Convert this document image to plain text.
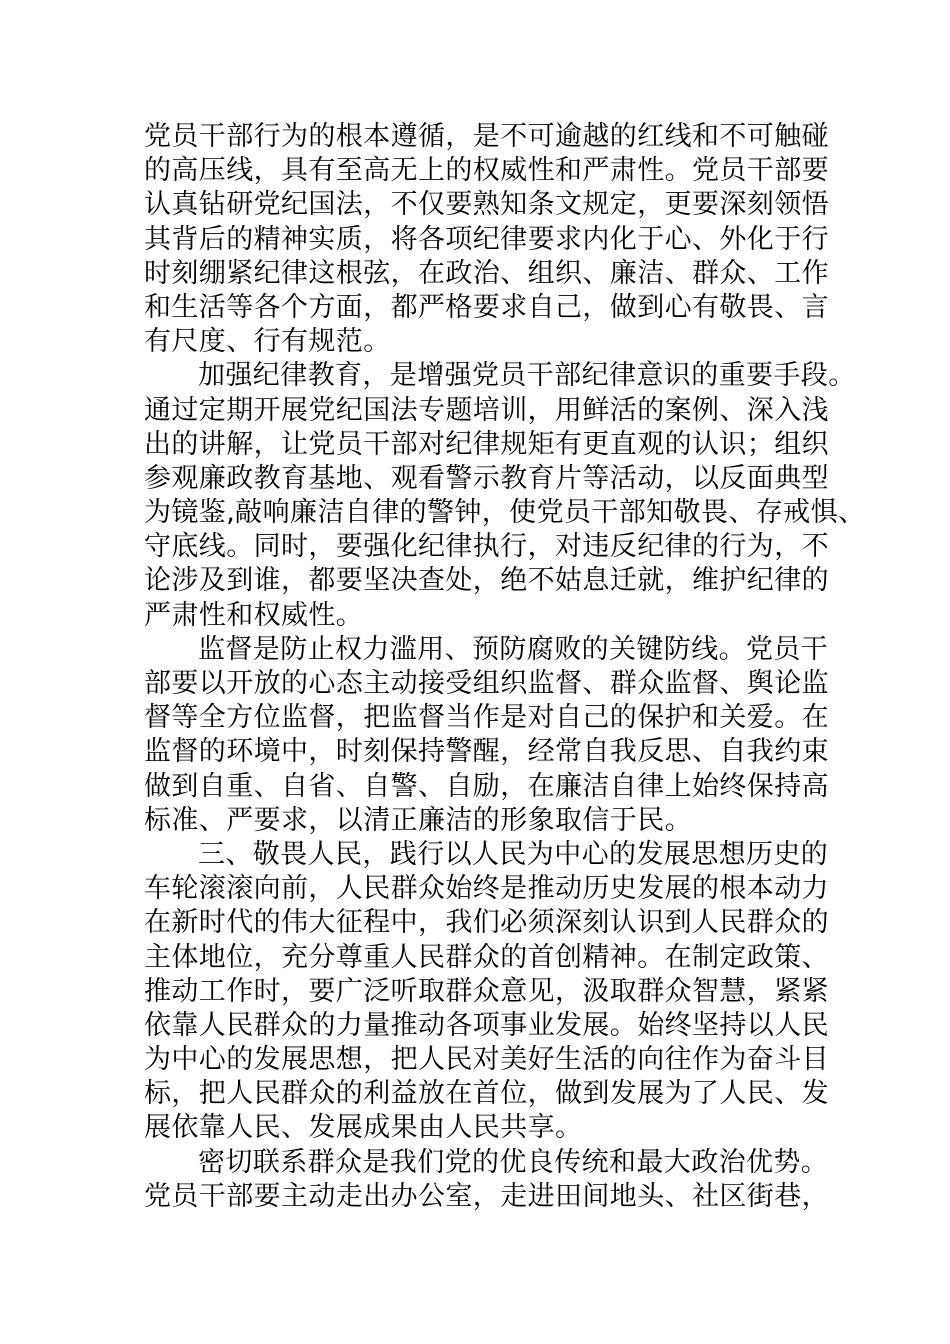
党员干部行为的根本遵循，是不可逾越的红线和不可触碰
的高压线，具有至高无上的权威性和严肃性。党员干部要
认真钻研党纪国法，不仅要熟知条文规定，更要深刻领悟
其背后的精神实质，将各项纪律要求内化于心、外化于行
时刻绷紧纪律这根弦，在政治、组织、廉洁、群众、工作
和生活等各个方面，都严格要求自己，做到心有敬畏、言
有尺度、行有规范。
加强纪律教育，是增强党员干部纪律意识的重要手段。
通过定期开展党纪国法专题培训，用鲜活的案例、深入浅
出的讲解，让党员干部对纪律规矩有更直观的认识；组织
参观廉政教育基地、观看警示教育片等活动，以反面典型
为镜鉴,敲响廉洁自律的警钟，使党员干部知敬畏、存戒惧、
守底线。同时，要强化纪律执行，对违反纪律的行为，不
论涉及到谁，都要坚决查处，绝不姑息迁就，维护纪律的
严肃性和权威性。
监督是防止权力滥用、预防腐败的关键防线。党员干
部要以开放的心态主动接受组织监督、群众监督、舆论监
督等全方位监督，把监督当作是对自己的保护和关爱。在
监督的环境中，时刻保持警醒，经常自我反思、自我约束
做到自重、自省、自警、自励，在廉洁自律上始终保持高
标准、严要求，以清正廉洁的形象取信于民。
三、敬畏人民，践行以人民为中心的发展思想历史的
车轮滚滚向前，人民群众始终是推动历史发展的根本动力
在新时代的伟大征程中，我们必须深刻认识到人民群众的
主体地位，充分尊重人民群众的首创精神。在制定政策、
推动工作时，要广泛听取群众意见，汲取群众智慧，紧紧
依靠人民群众的力量推动各项事业发展。始终坚持以人民
为中心的发展思想，把人民对美好生活的向往作为奋斗目
标，把人民群众的利益放在首位，做到发展为了人民、发
展依靠人民、发展成果由人民共享。
密切联系群众是我们党的优良传统和最大政治优势。
党员干部要主动走出办公室，走进田间地头、社区街巷，
